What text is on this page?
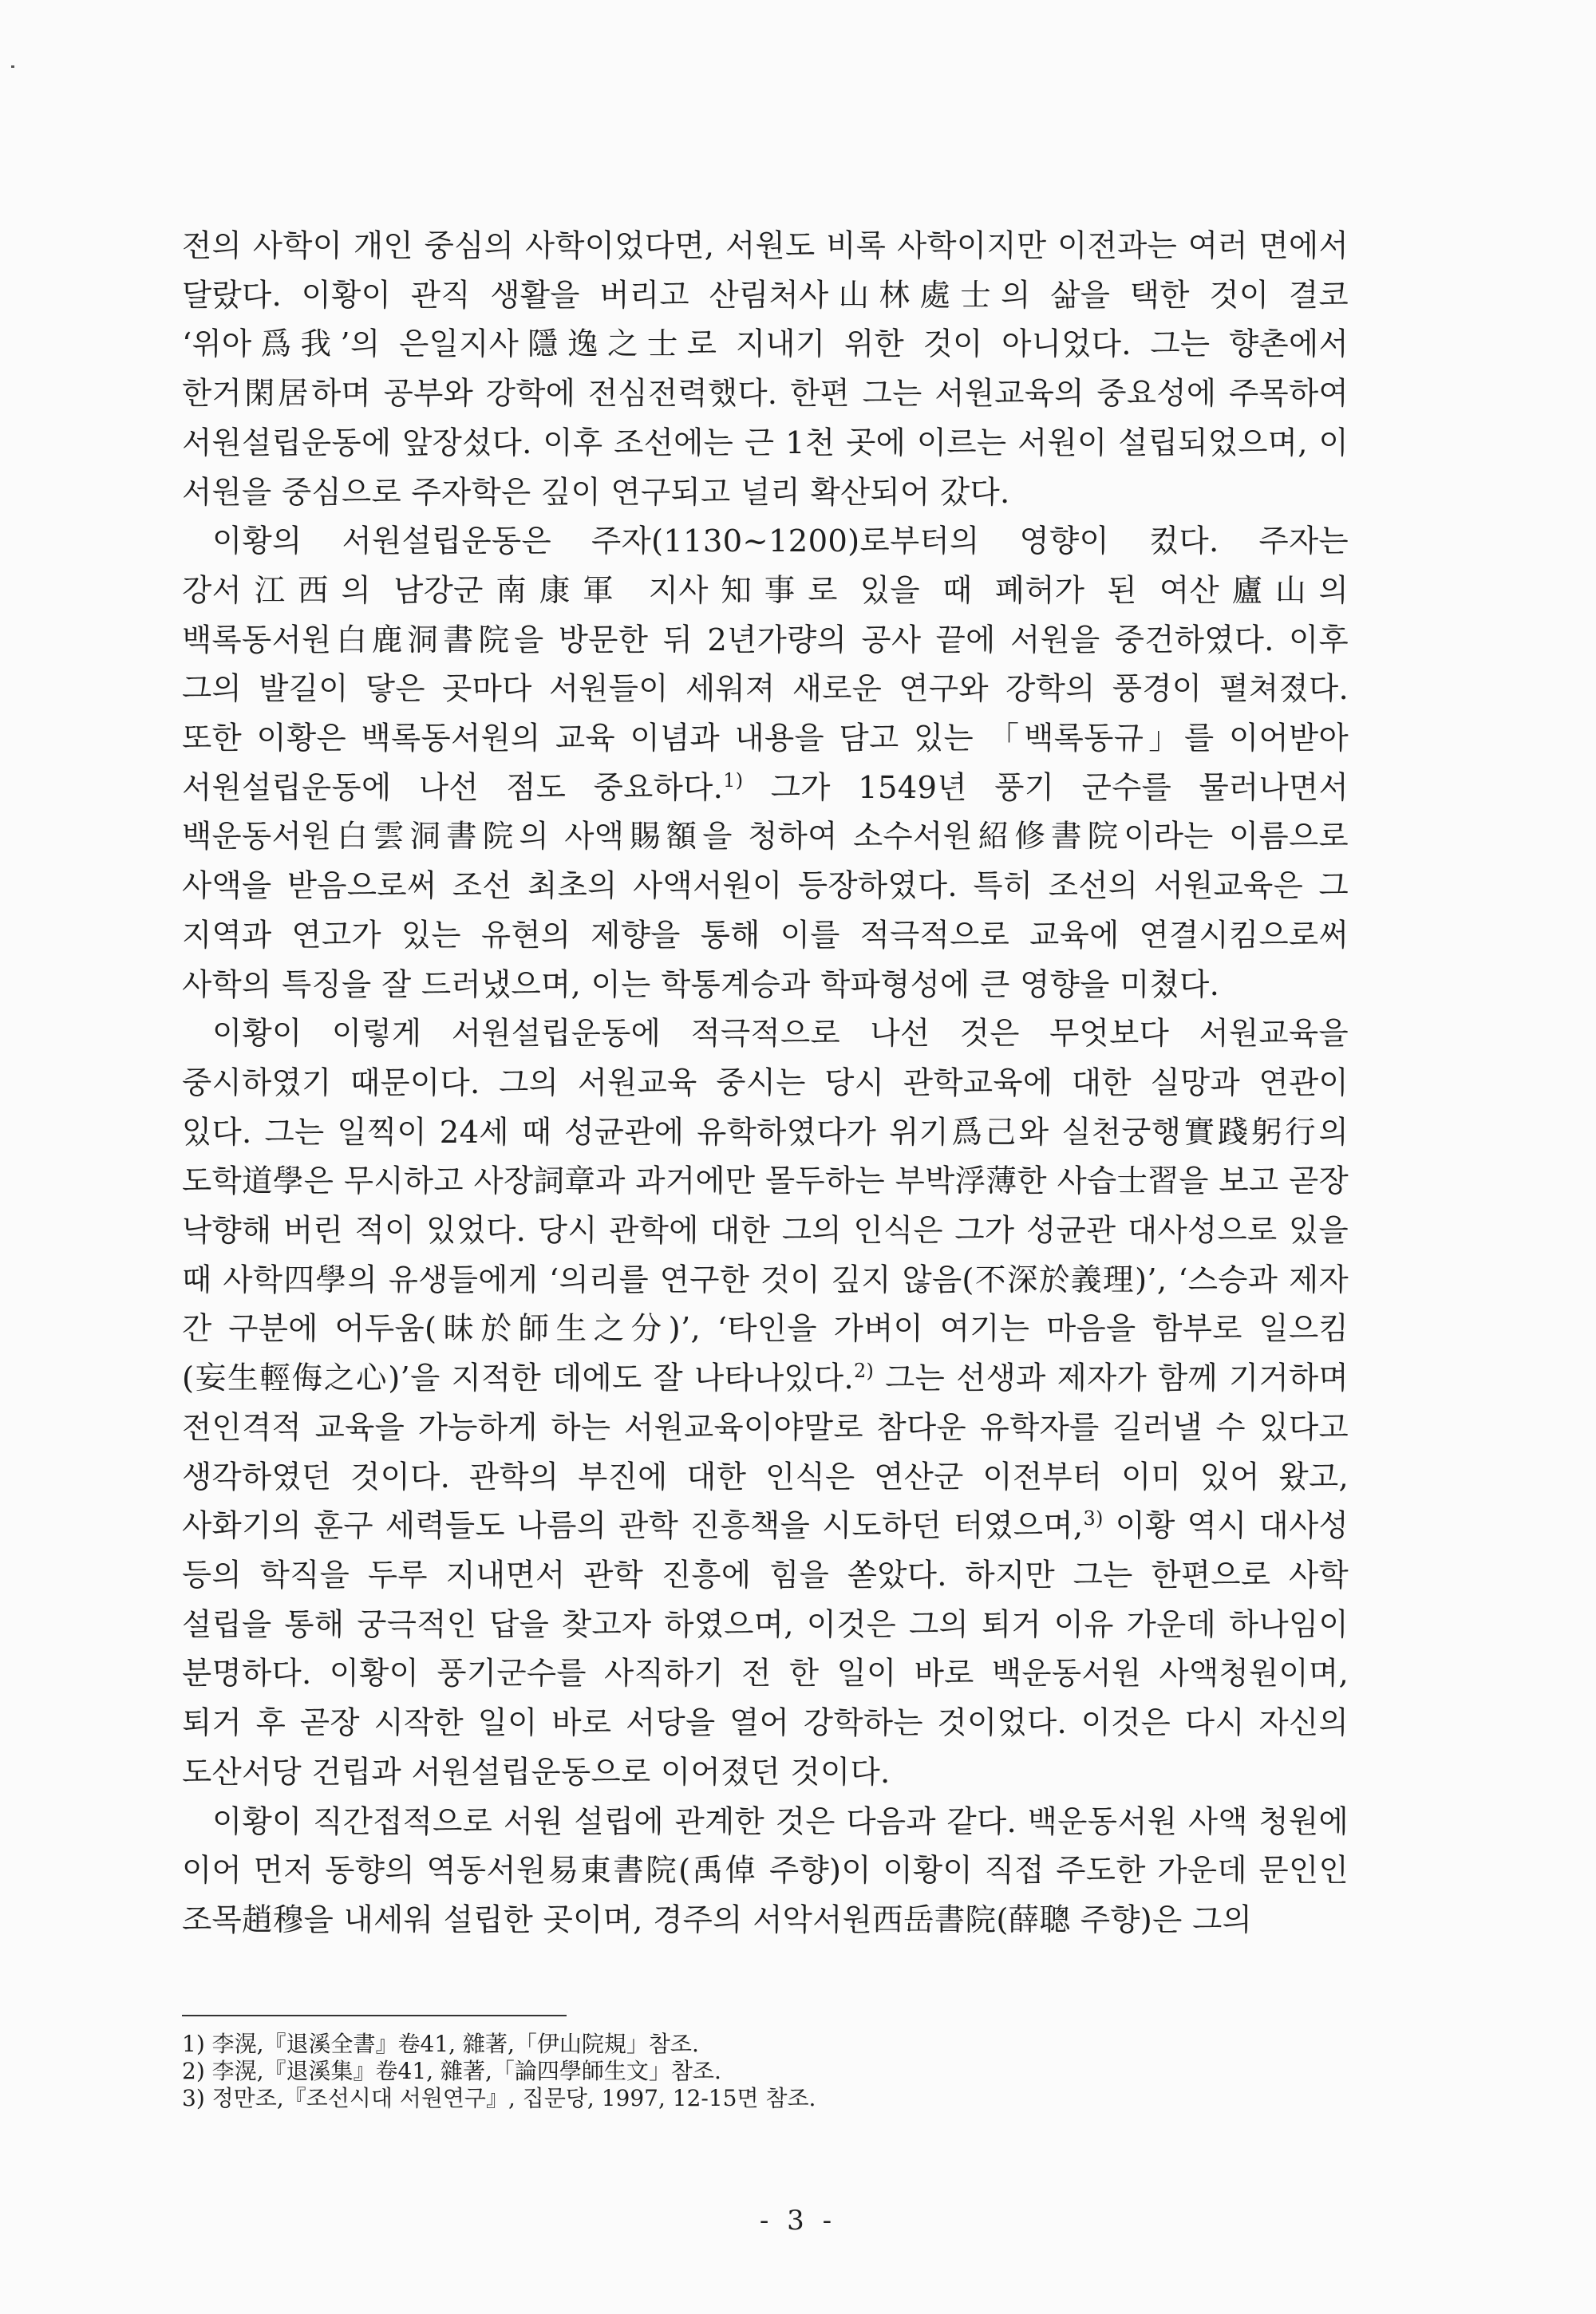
전의 사학이 개인 중심의 사학이었다면, 서원도 비록 사학이지만 이전과는 여러 면에서 달랐다. 이황이 관직 생활을 버리고 산림처사山林處士의 삶을 택한 것이 결코 ‘위아爲我’의 은일지사隱逸之士로 지내기 위한 것이 아니었다. 그는 향촌에서 한거閑居하며 공부와 강학에 전심전력했다. 한편 그는 서원교육의 중요성에 주목하여 서원설립운동에 앞장섰다. 이후 조선에는 근 1천 곳에 이르는 서원이 설립되었으며, 이 서원을 중심으로 주자학은 깊이 연구되고 널리 확산되어 갔다.

이황의 서원설립운동은 주자(1130~1200)로부터의 영향이 컸다. 주자는 강서江西의 남강군南康軍 지사知事로 있을 때 폐허가 된 여산廬山의 백록동서원白鹿洞書院을 방문한 뒤 2년가량의 공사 끝에 서원을 중건하였다. 이후 그의 발길이 닿은 곳마다 서원들이 세워져 새로운 연구와 강학의 풍경이 펼쳐졌다. 또한 이황은 백록동서원의 교육 이념과 내용을 담고 있는 「백록동규」를 이어받아 서원설립운동에 나선 점도 중요하다.$^{1)}$ 그가 1549년 풍기 군수를 물러나면서 백운동서원白雲洞書院의 사액賜額을 청하여 소수서원紹修書院이라는 이름으로 사액을 받음으로써 조선 최초의 사액서원이 등장하였다. 특히 조선의 서원교육은 그 지역과 연고가 있는 유현의 제향을 통해 이를 적극적으로 교육에 연결시킴으로써 사학의 특징을 잘 드러냈으며, 이는 학통계승과 학파형성에 큰 영향을 미쳤다.

이황이 이렇게 서원설립운동에 적극적으로 나선 것은 무엇보다 서원교육을 중시하였기 때문이다. 그의 서원교육 중시는 당시 관학교육에 대한 실망과 연관이 있다. 그는 일찍이 24세 때 성균관에 유학하였다가 위기爲己와 실천궁행實踐躬行의 도학道學은 무시하고 사장詞章과 과거에만 몰두하는 부박浮薄한 사습士習을 보고 곧장 낙향해 버린 적이 있었다. 당시 관학에 대한 그의 인식은 그가 성균관 대사성으로 있을 때 사학四學의 유생들에게 ‘의리를 연구한 것이 깊지 않음(不深於義理)’, ‘스승과 제자 간 구분에 어두움(昧於師生之分)’, ‘타인을 가벼이 여기는 마음을 함부로 일으킴(妄生輕侮之心)’을 지적한 데에도 잘 나타나있다.$^{2)}$ 그는 선생과 제자가 함께 기거하며 전인격적 교육을 가능하게 하는 서원교육이야말로 참다운 유학자를 길러낼 수 있다고 생각하였던 것이다. 관학의 부진에 대한 인식은 연산군 이전부터 이미 있어 왔고, 사화기의 훈구 세력들도 나름의 관학 진흥책을 시도하던 터였으며,$^{3)}$ 이황 역시 대사성 등의 학직을 두루 지내면서 관학 진흥에 힘을 쏟았다. 하지만 그는 한편으로 사학 설립을 통해 궁극적인 답을 찾고자 하였으며, 이것은 그의 퇴거 이유 가운데 하나임이 분명하다. 이황이 풍기군수를 사직하기 전 한 일이 바로 백운동서원 사액청원이며, 퇴거 후 곧장 시작한 일이 바로 서당을 열어 강학하는 것이었다. 이것은 다시 자신의 도산서당 건립과 서원설립운동으로 이어졌던 것이다.

이황이 직간접적으로 서원 설립에 관계한 것은 다음과 같다. 백운동서원 사액 청원에 이어 먼저 동향의 역동서원易東書院(禹倬 주향)이 이황이 직접 주도한 가운데 문인인 조목趙穆을 내세워 설립한 곳이며, 경주의 서악서원西岳書院(薛聰 주향)은 그의

1) 李滉,『退溪全書』卷41, 雜著,「伊山院規」참조.

2) 李滉,『退溪集』卷41, 雜著,「論四學師生文」참조.

3) 정만조,『조선시대 서원연구』, 집문당, 1997, 12-15면 참조.

- 3 -
